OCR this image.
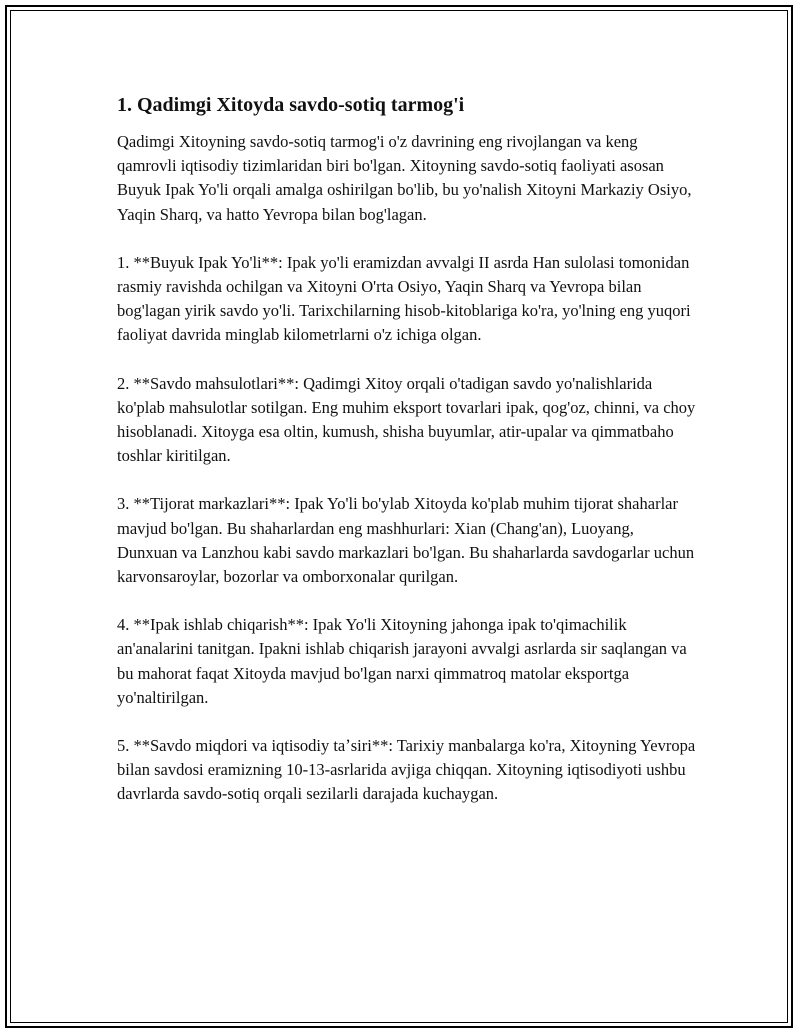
1. Qadimgi Xitoyda savdo-sotiq tarmog'i

Qadimgi Xitoyning savdo-sotiq tarmog'i o'z davrining eng rivojlangan va keng qamrovli iqtisodiy tizimlaridan biri bo'lgan. Xitoyning savdo-sotiq faoliyati asosan Buyuk Ipak Yo'li orqali amalga oshirilgan bo'lib, bu yo'nalish Xitoyni Markaziy Osiyo, Yaqin Sharq, va hatto Yevropa bilan bog'lagan.

1. **Buyuk Ipak Yo'li**: Ipak yo'li eramizdan avvalgi II asrda Han sulolasi tomonidan rasmiy ravishda ochilgan va Xitoyni O'rta Osiyo, Yaqin Sharq va Yevropa bilan bog'lagan yirik savdo yo'li. Tarixchilarning hisob-kitoblariga ko'ra, yo'lning eng yuqori faoliyat davrida minglab kilometrlarni o'z ichiga olgan.

2. **Savdo mahsulotlari**: Qadimgi Xitoy orqali o'tadigan savdo yo'nalishlarida ko'plab mahsulotlar sotilgan. Eng muhim eksport tovarlari ipak, qog'oz, chinni, va choy hisoblanadi. Xitoyga esa oltin, kumush, shisha buyumlar, atir-upalar va qimmatbaho toshlar kiritilgan.

3. **Tijorat markazlari**: Ipak Yo'li bo'ylab Xitoyda ko'plab muhim tijorat shaharlar mavjud bo'lgan. Bu shaharlardan eng mashhurlari: Xian (Chang'an), Luoyang, Dunxuan va Lanzhou kabi savdo markazlari bo'lgan. Bu shaharlarda savdogarlar uchun karvonsaroylar, bozorlar va omborxonalar qurilgan.

4. **Ipak ishlab chiqarish**: Ipak Yo'li Xitoyning jahonga ipak to'qimachilik an'analarini tanitgan. Ipakni ishlab chiqarish jarayoni avvalgi asrlarda sir saqlangan va bu mahorat faqat Xitoyda mavjud bo'lgan narxi qimmatroq matolar eksportga yo'naltirilgan.

5. **Savdo miqdori va iqtisodiy taʼsiri**: Tarixiy manbalarga ko'ra, Xitoyning Yevropa bilan savdosi eramizning 10-13-asrlarida avjiga chiqqan. Xitoyning iqtisodiyoti ushbu davrlarda savdo-sotiq orqali sezilarli darajada kuchaygan.
